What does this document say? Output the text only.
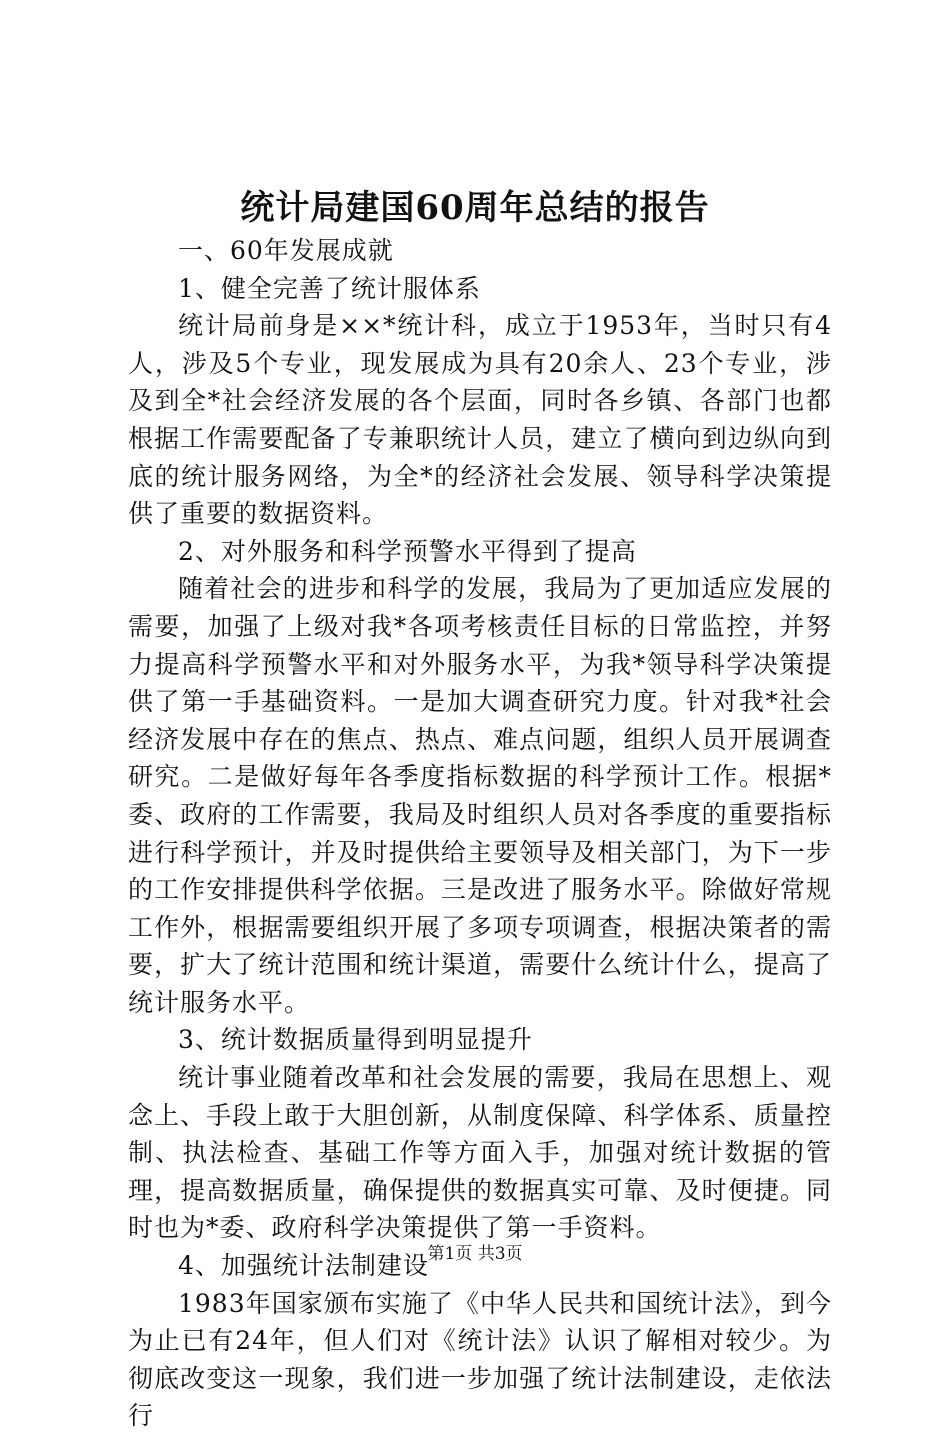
统计局建国60周年总结的报告

一、60年发展成就

1、健全完善了统计服体系

统计局前身是××*统计科，成立于1953年，当时只有4人，涉及5个专业，现发展成为具有20余人、23个专业，涉及到全*社会经济发展的各个层面，同时各乡镇、各部门也都根据工作需要配备了专兼职统计人员，建立了横向到边纵向到底的统计服务网络，为全*的经济社会发展、领导科学决策提供了重要的数据资料。

2、对外服务和科学预警水平得到了提高

随着社会的进步和科学的发展，我局为了更加适应发展的需要，加强了上级对我*各项考核责任目标的日常监控，并努力提高科学预警水平和对外服务水平，为我*领导科学决策提供了第一手基础资料。一是加大调查研究力度。针对我*社会经济发展中存在的焦点、热点、难点问题，组织人员开展调查研究。二是做好每年各季度指标数据的科学预计工作。根据*委、政府的工作需要，我局及时组织人员对各季度的重要指标进行科学预计，并及时提供给主要领导及相关部门，为下一步的工作安排提供科学依据。三是改进了服务水平。除做好常规工作外，根据需要组织开展了多项专项调查，根据决策者的需要，扩大了统计范围和统计渠道，需要什么统计什么，提高了统计服务水平。

3、统计数据质量得到明显提升

统计事业随着改革和社会发展的需要，我局在思想上、观念上、手段上敢于大胆创新，从制度保障、科学体系、质量控制、执法检查、基础工作等方面入手，加强对统计数据的管理，提高数据质量，确保提供的数据真实可靠、及时便捷。同时也为*委、政府科学决策提供了第一手资料。

4、加强统计法制建设

1983年国家颁布实施了《中华人民共和国统计法》，到今为止已有24年，但人们对《统计法》认识了解相对较少。为彻底改变这一现象，我们进一步加强了统计法制建设，走依法行

第1页 共3页
